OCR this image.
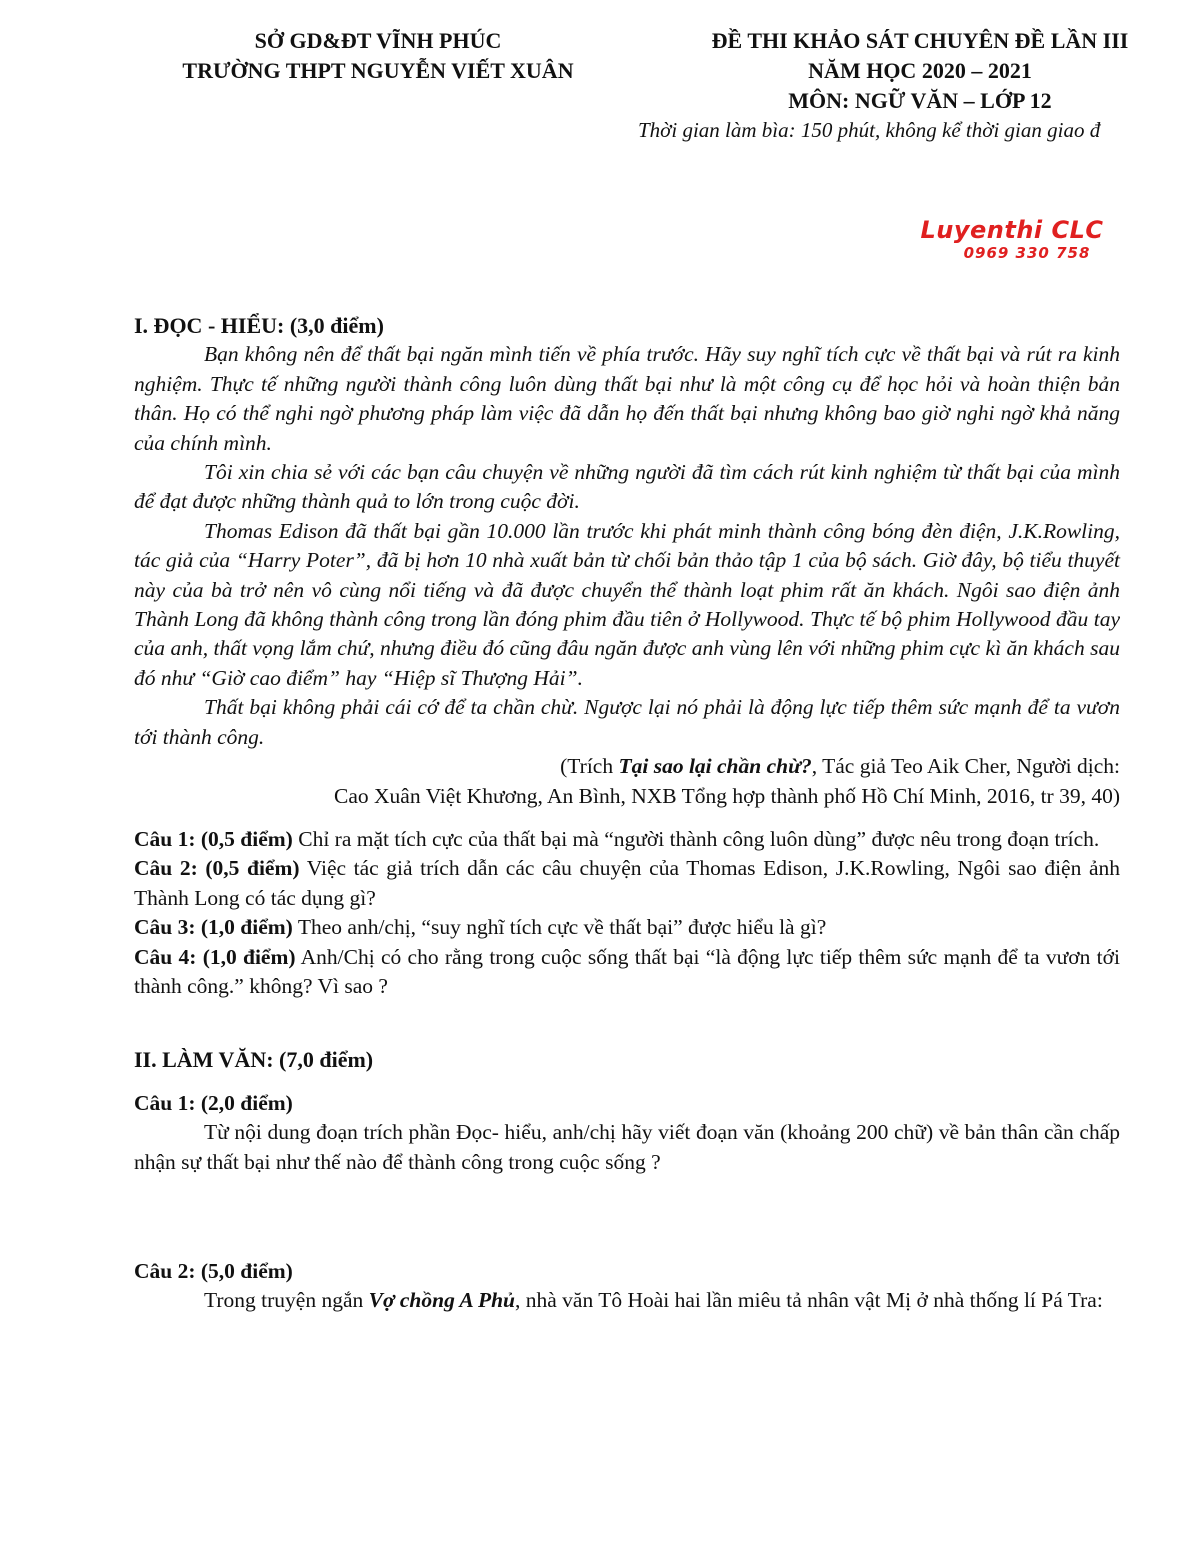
SỞ GD&ĐT VĨNH PHÚC
TRƯỜNG THPT NGUYỄN VIẾT XUÂN
ĐỀ THI KHẢO SÁT CHUYÊN ĐỀ LẦN III
NĂM HỌC 2020 – 2021
MÔN: NGỮ VĂN – LỚP 12
Thời gian làm bìa: 150 phút, không kể thời gian giao đ
Luyenthi CLC
0969 330 758

I. ĐỌC - HIỂU: (3,0 điểm)

Bạn không nên để thất bại ngăn mình tiến về phía trước. Hãy suy nghĩ tích cực về thất bại và rút ra kinh nghiệm. Thực tế những người thành công luôn dùng thất bại như là một công cụ để học hỏi và hoàn thiện bản thân. Họ có thể nghi ngờ phương pháp làm việc đã dẫn họ đến thất bại nhưng không bao giờ nghi ngờ khả năng của chính mình.

Tôi xin chia sẻ với các bạn câu chuyện về những người đã tìm cách rút kinh nghiệm từ thất bại của mình để đạt được những thành quả to lớn trong cuộc đời.

Thomas Edison đã thất bại gần 10.000 lần trước khi phát minh thành công bóng đèn điện, J.K.Rowling, tác giả của “Harry Poter”, đã bị hơn 10 nhà xuất bản từ chối bản thảo tập 1 của bộ sách. Giờ đây, bộ tiểu thuyết này của bà trở nên vô cùng nổi tiếng và đã được chuyển thể thành loạt phim rất ăn khách. Ngôi sao điện ảnh Thành Long đã không thành công trong lần đóng phim đầu tiên ở Hollywood. Thực tế bộ phim Hollywood đầu tay của anh, thất vọng lắm chứ, nhưng điều đó cũng đâu ngăn được anh vùng lên với những phim cực kì ăn khách sau đó như “Giờ cao điểm” hay “Hiệp sĩ Thượng Hải”.

Thất bại không phải cái cớ để ta chần chừ. Ngược lại nó phải là động lực tiếp thêm sức mạnh để ta vươn tới thành công.

(Trích Tại sao lại chần chừ?, Tác giả Teo Aik Cher, Người dịch:

Cao Xuân Việt Khương, An Bình, NXB Tổng hợp thành phố Hồ Chí Minh, 2016, tr 39, 40)

Câu 1: (0,5 điểm) Chỉ ra mặt tích cực của thất bại mà “người thành công luôn dùng” được nêu trong đoạn trích.

Câu 2: (0,5 điểm) Việc tác giả trích dẫn các câu chuyện của Thomas Edison, J.K.Rowling, Ngôi sao điện ảnh Thành Long có tác dụng gì?

Câu 3: (1,0 điểm) Theo anh/chị, “suy nghĩ tích cực về thất bại” được hiểu là gì?

Câu 4: (1,0 điểm) Anh/Chị có cho rằng trong cuộc sống thất bại “là động lực tiếp thêm sức mạnh để ta vươn tới thành công.” không? Vì sao ?

II. LÀM VĂN: (7,0 điểm)

Câu 1: (2,0 điểm)

Từ nội dung đoạn trích phần Đọc- hiểu, anh/chị hãy viết đoạn văn (khoảng 200 chữ) về bản thân cần chấp nhận sự thất bại như thế nào để thành công trong cuộc sống ?

Câu 2: (5,0 điểm)

Trong truyện ngắn Vợ chồng A Phủ, nhà văn Tô Hoài hai lần miêu tả nhân vật Mị ở nhà thống lí Pá Tra:
